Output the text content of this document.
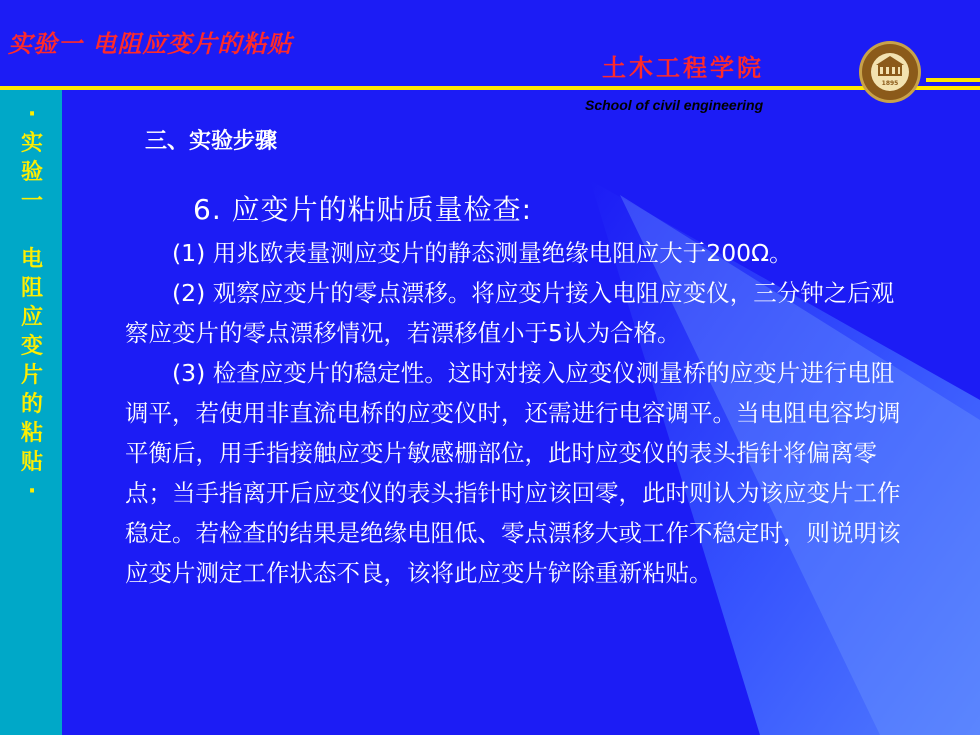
实验一 电阻应变片的粘贴
土木工程学院
School of civil engineering
1895
·
实
验
一

电
阻
应
变
片
的
粘
贴
·
三、实验步骤
6. 应变片的粘贴质量检查:

(1) 用兆欧表量测应变片的静态测量绝缘电阻应大于200Ω。

(2) 观察应变片的零点漂移。将应变片接入电阻应变仪，三分钟之后观察应变片的零点漂移情况，若漂移值小于5认为合格。

(3) 检查应变片的稳定性。这时对接入应变仪测量桥的应变片进行电阻调平，若使用非直流电桥的应变仪时，还需进行电容调平。当电阻电容均调平衡后，用手指接触应变片敏感栅部位，此时应变仪的表头指针将偏离零点；当手指离开后应变仪的表头指针时应该回零，此时则认为该应变片工作稳定。若检查的结果是绝缘电阻低、零点漂移大或工作不稳定时，则说明该应变片测定工作状态不良，该将此应变片铲除重新粘贴。
